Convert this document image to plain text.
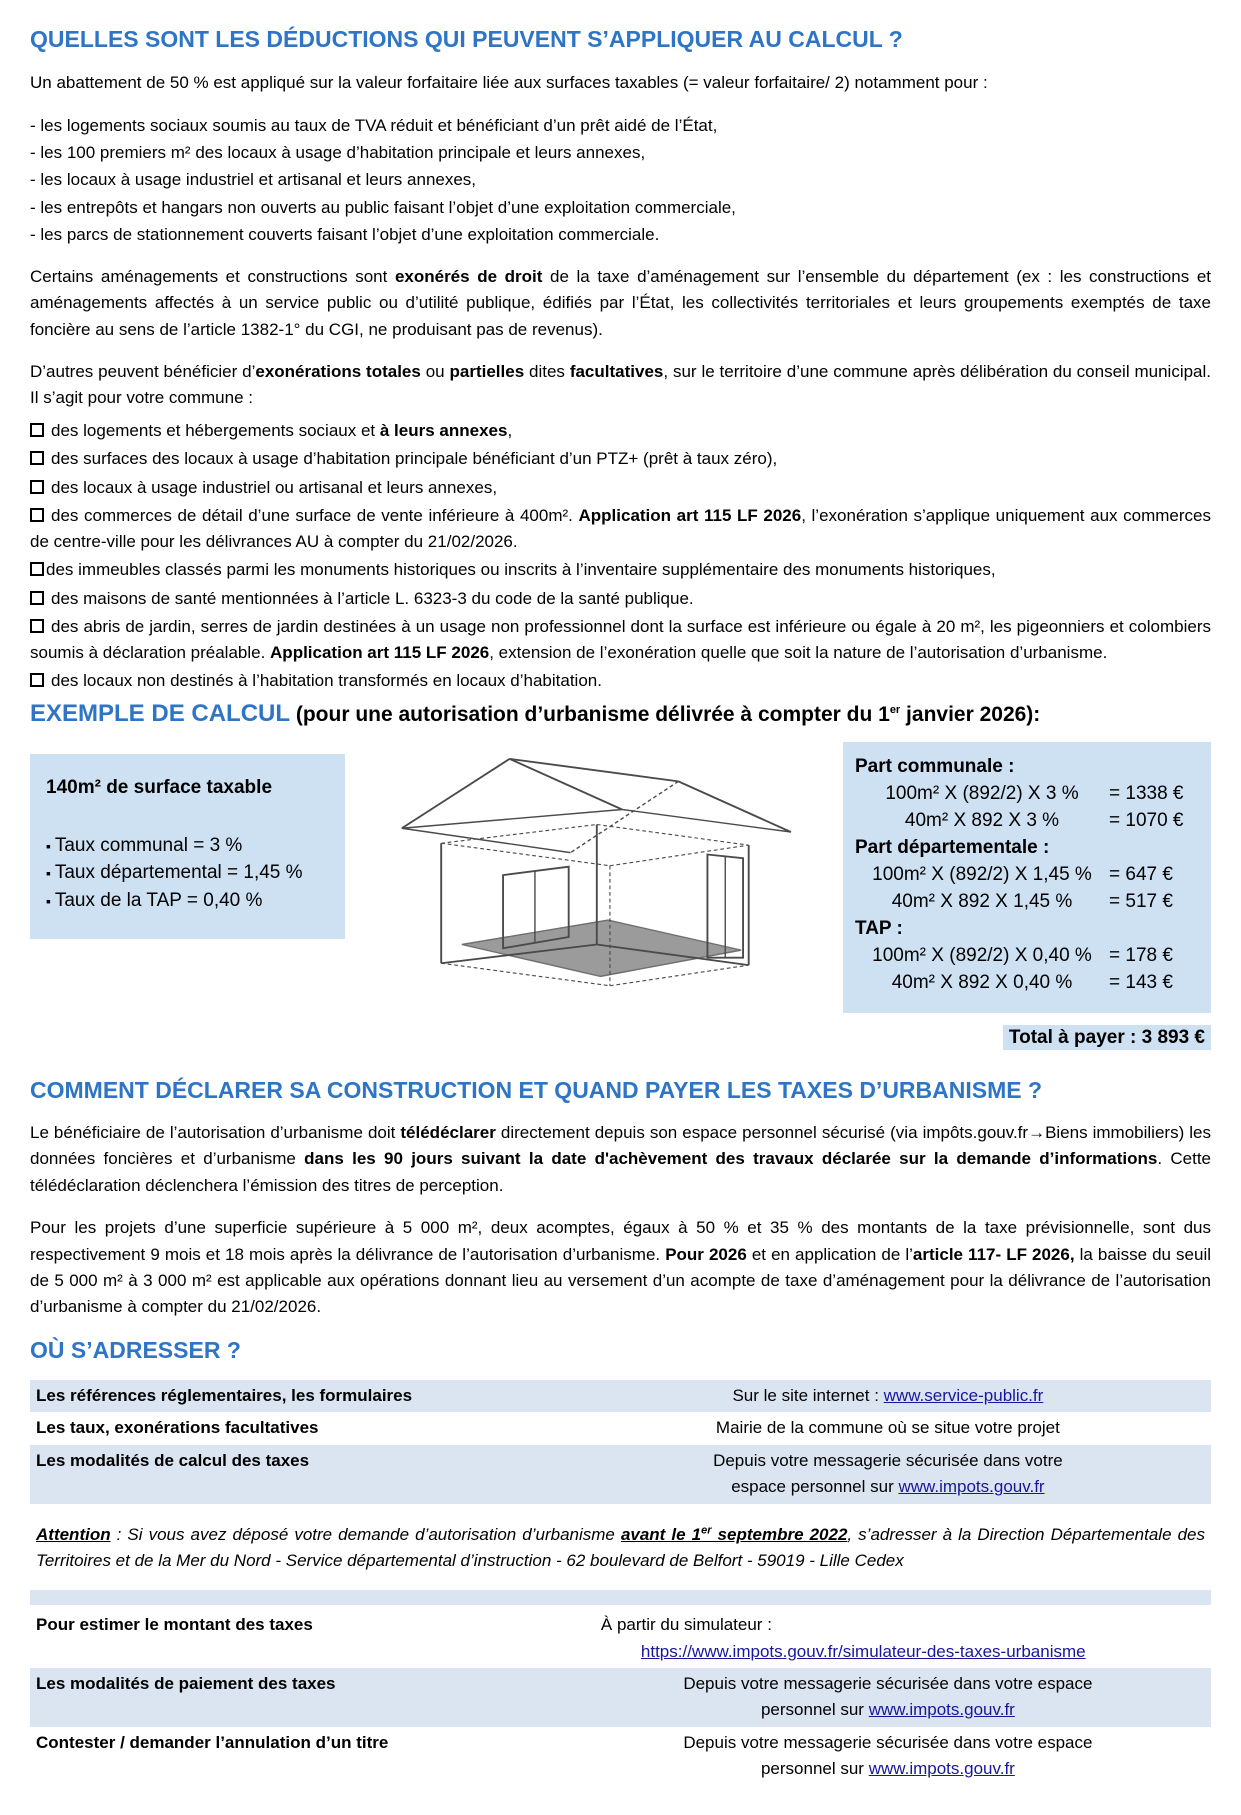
QUELLES SONT LES DÉDUCTIONS QUI PEUVENT S’APPLIQUER AU CALCUL ?

Un abattement de 50 % est appliqué sur la valeur forfaitaire liée aux surfaces taxables (= valeur forfaitaire/ 2) notamment pour :

- les logements sociaux soumis au taux de TVA réduit et bénéficiant d’un prêt aidé de l’État,
- les 100 premiers m² des locaux à usage d’habitation principale et leurs annexes,
- les locaux à usage industriel et artisanal et leurs annexes,
- les entrepôts et hangars non ouverts au public faisant l’objet d’une exploitation commerciale,
- les parcs de stationnement couverts faisant l’objet d’une exploitation commerciale.

Certains aménagements et constructions sont exonérés de droit de la taxe d’aménagement sur l’ensemble du département (ex : les constructions et aménagements affectés à un service public ou d’utilité publique, édifiés par l’État, les collectivités territoriales et leurs groupements exemptés de taxe foncière au sens de l’article 1382-1° du CGI, ne produisant pas de revenus).

D’autres peuvent bénéficier d’exonérations totales ou partielles dites facultatives, sur le territoire d’une commune après délibération du conseil municipal. Il s’agit pour votre commune :

des logements et hébergements sociaux et à leurs annexes,
des surfaces des locaux à usage d’habitation principale bénéficiant d’un PTZ+ (prêt à taux zéro),
des locaux à usage industriel ou artisanal et leurs annexes,
des commerces de détail d’une surface de vente inférieure à 400m². Application art 115 LF 2026, l’exonération s’applique uniquement aux commerces de centre-ville pour les délivrances AU à compter du 21/02/2026.
des immeubles classés parmi les monuments historiques ou inscrits à l’inventaire supplémentaire des monuments historiques,
des maisons de santé mentionnées à l’article L. 6323-3 du code de la santé publique.
des abris de jardin, serres de jardin destinées à un usage non professionnel dont la surface est inférieure ou égale à 20 m², les pigeonniers et colombiers soumis à déclaration préalable. Application art 115 LF 2026, extension de l’exonération quelle que soit la nature de l’autorisation d’urbanisme.
des locaux non destinés à l’habitation transformés en locaux d’habitation.
EXEMPLE DE CALCUL (pour une autorisation d’urbanisme délivrée à compter du 1er janvier 2026):
140m² de surface taxable
▪ Taux communal = 3 %
▪ Taux départemental = 1,45 %
▪ Taux de la TAP = 0,40 %
Part communale :
100m² X (892/2) X 3 %	= 1338 €
40m² X 892 X 3 %	= 1070 €
Part départementale :
100m² X (892/2) X 1,45 % = 647 €
40m² X 892 X 1,45 %	= 517 €
TAP :
100m² X (892/2) X 0,40 % = 178 €
40m² X 892 X 0,40 %	= 143 €
Total à payer : 3 893 €
COMMENT DÉCLARER SA CONSTRUCTION ET QUAND PAYER LES TAXES D’URBANISME ?

Le bénéficiaire de l’autorisation d’urbanisme doit télédéclarer directement depuis son espace personnel sécurisé (via impôts.gouv.fr→Biens immobiliers) les données foncières et d’urbanisme dans les 90 jours suivant la date d'achèvement des travaux déclarée sur la demande d’informations. Cette télédéclaration déclenchera l’émission des titres de perception.

Pour les projets d’une superficie supérieure à 5 000 m², deux acomptes, égaux à 50 % et 35 % des montants de la taxe prévisionnelle, sont dus respectivement 9 mois et 18 mois après la délivrance de l’autorisation d’urbanisme. Pour 2026 et en application de l’article 117- LF 2026, la baisse du seuil de 5 000 m² à 3 000 m² est applicable aux opérations donnant lieu au versement d’un acompte de taxe d’aménagement pour la délivrance de l’autorisation d’urbanisme à compter du 21/02/2026.

OÙ S’ADRESSER ?
Les références réglementaires, les formulaires	Sur le site internet : www.service-public.fr
Les taux, exonérations facultatives	Mairie de la commune où se situe votre projet
Les modalités de calcul des taxes	Depuis votre messagerie sécurisée dans votre
espace personnel sur www.impots.gouv.fr

Attention : Si vous avez déposé votre demande d’autorisation d’urbanisme avant le 1er septembre 2022, s’adresser à la Direction Départementale des Territoires et de la Mer du Nord - Service départemental d’instruction - 62 boulevard de Belfort - 59019 - Lille Cedex

Pour estimer le montant des taxes	À partir du simulateur :
https://www.impots.gouv.fr/simulateur-des-taxes-urbanisme
Les modalités de paiement des taxes	Depuis votre messagerie sécurisée dans votre espace
personnel sur www.impots.gouv.fr
Contester / demander l’annulation d’un titre	Depuis votre messagerie sécurisée dans votre espace
personnel sur www.impots.gouv.fr
